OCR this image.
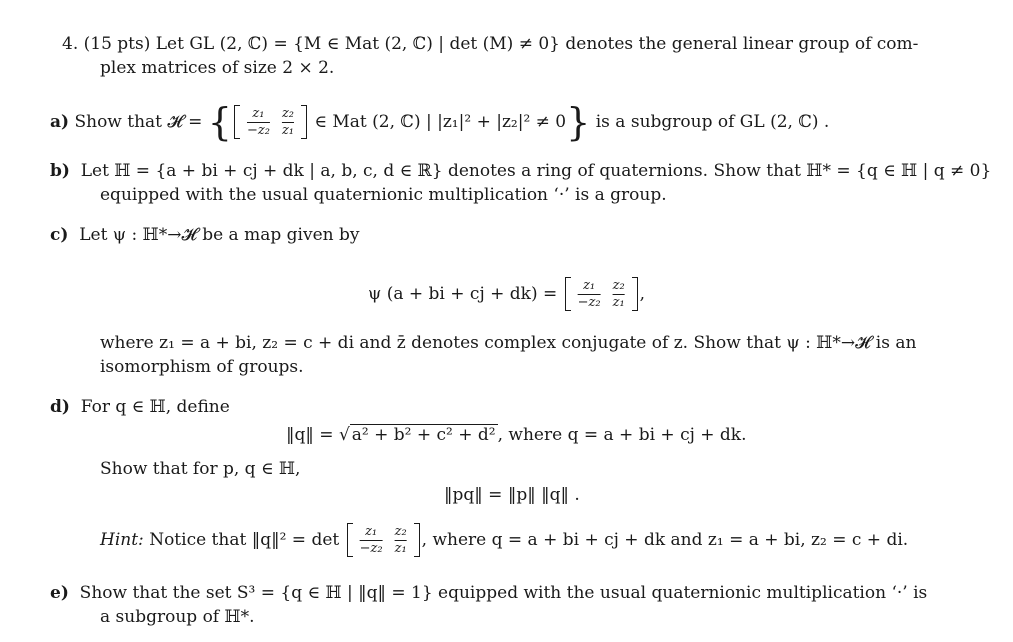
4. (15 pts) Let GL (2, ℂ) = {M ∈ Mat (2, ℂ) | det (M) ≠ 0} denotes the general linear group of com-
plex matrices of size 2 × 2.
a)
Show that 𝓗 =
{ z₁	z₂
−z₂	z₁
∈ Mat (2, ℂ) | |z₁|² + |z₂|² ≠ 0 }
is a subgroup of GL (2, ℂ) .
b) Let ℍ = {a + bi + cj + dk | a, b, c, d ∈ ℝ} denotes a ring of quaternions. Show that ℍ* = {q ∈ ℍ | q ≠ 0}
equipped with the usual quaternionic multiplication ‘·’ is a group.
c) Let ψ : ℍ*→𝓗 be a map given by
ψ (a + bi + cj + dk) =
z₁	z₂
−z₂	z₁ ,
where z₁ = a + bi, z₂ = c + di and z̄ denotes complex conjugate of z. Show that ψ : ℍ*→𝓗 is an
isomorphism of groups.
d) For q ∈ ℍ, define
‖q‖ = √ a² + b² + c² + d² , where q = a + bi + cj + dk.
Show that for p, q ∈ ℍ,
‖pq‖ = ‖p‖ ‖q‖ .
Hint:
Notice that ‖q‖² = det
z₁	z₂
−z₂	z₁ , where q = a + bi + cj + dk and z₁ = a + bi, z₂ = c + di.
e) Show that the set S³ = {q ∈ ℍ | ‖q‖ = 1} equipped with the usual quaternionic multiplication ‘·’ is
a subgroup of ℍ*.
